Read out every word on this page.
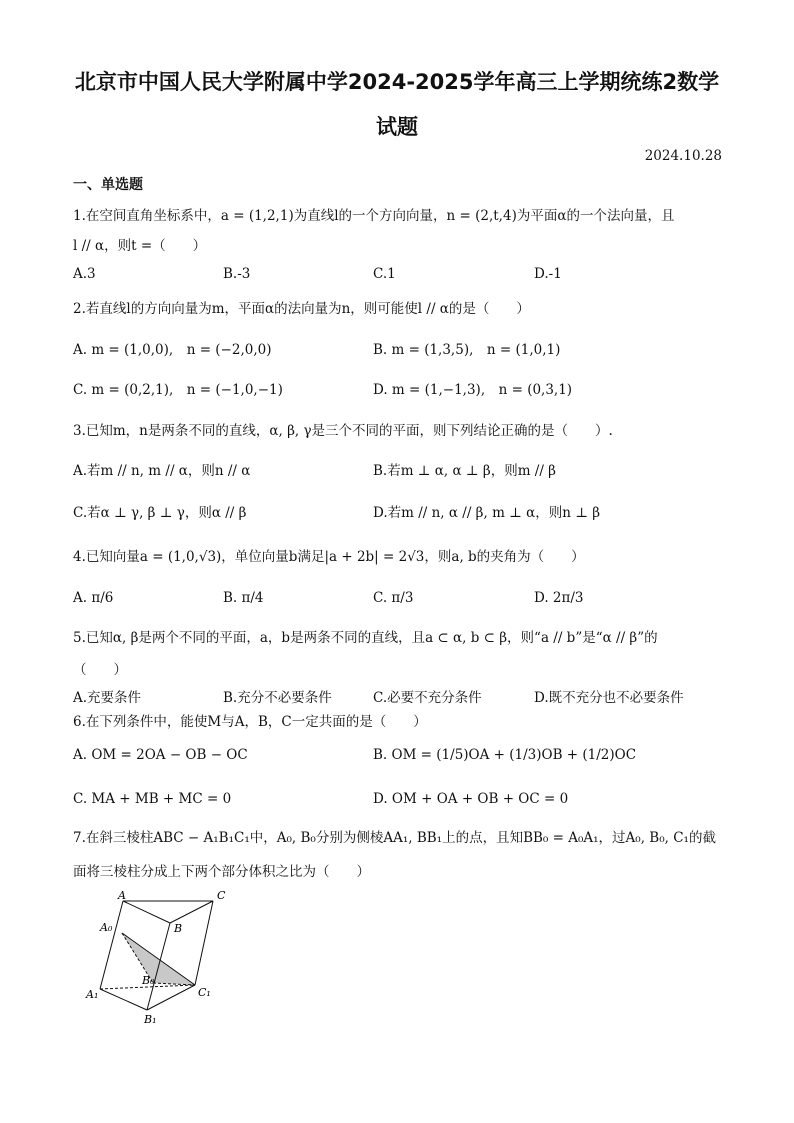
北京市中国人民大学附属中学2024-2025学年高三上学期统练2数学
试题
2024.10.28
一、单选题
1.在空间直角坐标系中，a = (1,2,1)为直线l的一个方向向量，n = (2,t,4)为平面α的一个法向量，且
l // α，则t =（　　）
A.3	B.-3	C.1	D.-1
2.若直线l的方向向量为m，平面α的法向量为n，则可能使l // α的是（　　）
A. m = (1,0,0),　n = (−2,0,0)	B. m = (1,3,5),　n = (1,0,1)
C. m = (0,2,1),　n = (−1,0,−1)	D. m = (1,−1,3),　n = (0,3,1)
3.已知m，n是两条不同的直线，α, β, γ是三个不同的平面，则下列结论正确的是（　　）.
A.若m // n, m // α，则n // α	B.若m ⊥ α, α ⊥ β，则m // β
C.若α ⊥ γ, β ⊥ γ，则α // β	D.若m // n, α // β, m ⊥ α，则n ⊥ β
4.已知向量a = (1,0,√3)，单位向量b满足|a + 2b| = 2√3，则a, b的夹角为（　　）
A. π/6	B. π/4	C. π/3	D. 2π/3
5.已知α, β是两个不同的平面，a，b是两条不同的直线，且a ⊂ α, b ⊂ β，则“a // b”是“α // β”的
（　　）
A.充要条件	B.充分不必要条件	C.必要不充分条件	D.既不充分也不必要条件
6.在下列条件中，能使M与A，B，C一定共面的是（　　）
A. OM = 2OA − OB − OC	B. OM = (1/5)OA + (1/3)OB + (1/2)OC
C. MA + MB + MC = 0	D. OM + OA + OB + OC = 0
7.在斜三棱柱ABC − A₁B₁C₁中，A₀, B₀分别为侧棱AA₁, BB₁上的点，且知BB₀ = A₀A₁，过A₀, B₀, C₁的截
面将三棱柱分成上下两个部分体积之比为（　　）
A	C
B
A₀
B₀
A₁	C₁
B₁
